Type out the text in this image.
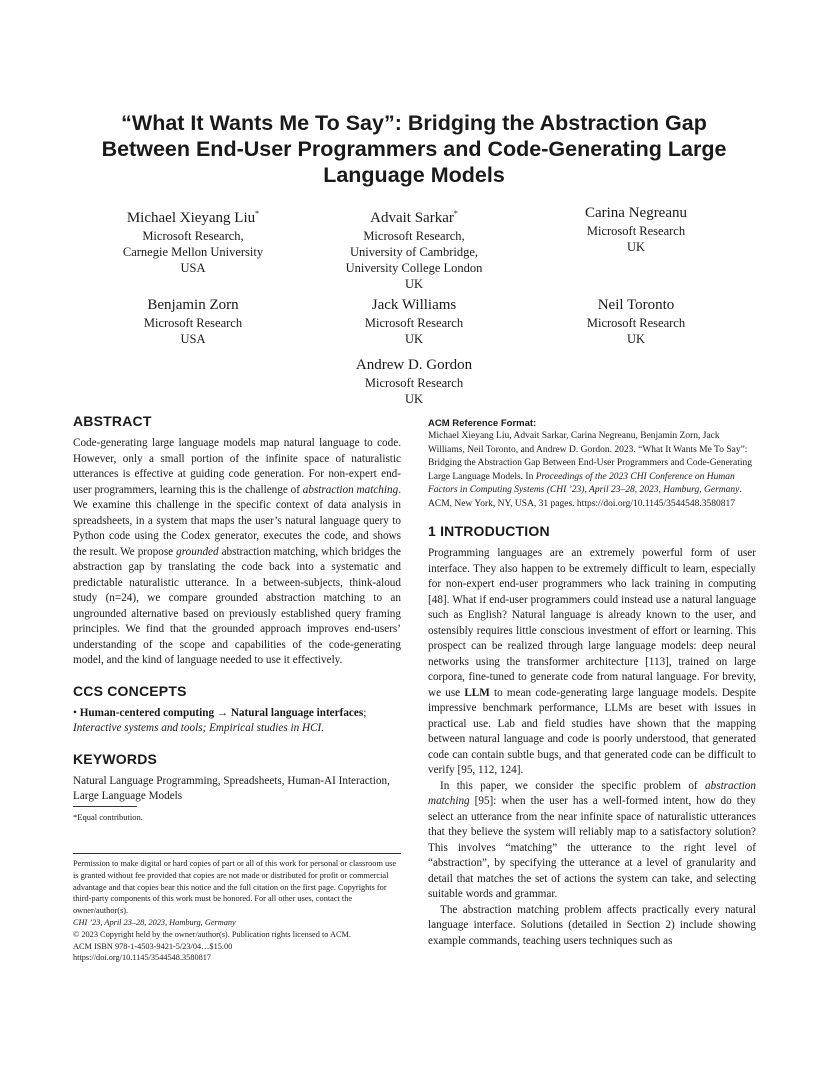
“What It Wants Me To Say”: Bridging the Abstraction Gap
Between End-User Programmers and Code-Generating Large
Language Models
Michael Xieyang Liu*
Microsoft Research,
Carnegie Mellon University
USA
Advait Sarkar*
Microsoft Research,
University of Cambridge,
University College London
UK
Carina Negreanu
Microsoft Research
UK
Benjamin Zorn
Microsoft Research
USA
Jack Williams
Microsoft Research
UK
Neil Toronto
Microsoft Research
UK
Andrew D. Gordon
Microsoft Research
UK
ABSTRACT

Code-generating large language models map natural language to code. However, only a small portion of the infinite space of naturalistic utterances is effective at guiding code generation. For non-expert end-user programmers, learning this is the challenge of abstraction matching. We examine this challenge in the specific context of data analysis in spreadsheets, in a system that maps the user’s natural language query to Python code using the Codex generator, executes the code, and shows the result. We propose grounded abstraction matching, which bridges the abstraction gap by translating the code back into a systematic and predictable naturalistic utterance. In a between-subjects, think-aloud study (n=24), we compare grounded abstraction matching to an ungrounded alternative based on previously established query framing principles. We find that the grounded approach improves end-users’ understanding of the scope and capabilities of the code-generating model, and the kind of language needed to use it effectively.

CCS CONCEPTS

• Human-centered computing → Natural language interfaces; Interactive systems and tools; Empirical studies in HCI.

KEYWORDS

Natural Language Programming, Spreadsheets, Human-AI Interaction, Large Language Models

*Equal contribution.

Permission to make digital or hard copies of part or all of this work for personal or classroom use is granted without fee provided that copies are not made or distributed for profit or commercial advantage and that copies bear this notice and the full citation on the first page. Copyrights for third-party components of this work must be honored. For all other uses, contact the owner/author(s).

CHI ’23, April 23–28, 2023, Hamburg, Germany

© 2023 Copyright held by the owner/author(s). Publication rights licensed to ACM.

ACM ISBN 978-1-4503-9421-5/23/04…$15.00

https://doi.org/10.1145/3544548.3580817

ACM Reference Format:

Michael Xieyang Liu, Advait Sarkar, Carina Negreanu, Benjamin Zorn, Jack Williams, Neil Toronto, and Andrew D. Gordon. 2023. “What It Wants Me To Say”: Bridging the Abstraction Gap Between End-User Programmers and Code-Generating Large Language Models. In Proceedings of the 2023 CHI Conference on Human Factors in Computing Systems (CHI ’23), April 23–28, 2023, Hamburg, Germany. ACM, New York, NY, USA, 31 pages. https://doi.org/10.1145/3544548.3580817

1 INTRODUCTION

Programming languages are an extremely powerful form of user interface. They also happen to be extremely difficult to learn, especially for non-expert end-user programmers who lack training in computing [48]. What if end-user programmers could instead use a natural language such as English? Natural language is already known to the user, and ostensibly requires little conscious investment of effort or learning. This prospect can be realized through large language models: deep neural networks using the transformer architecture [113], trained on large corpora, fine-tuned to generate code from natural language. For brevity, we use LLM to mean code-generating large language models. Despite impressive benchmark performance, LLMs are beset with issues in practical use. Lab and field studies have shown that the mapping between natural language and code is poorly understood, that generated code can contain subtle bugs, and that generated code can be difficult to verify [95, 112, 124].

In this paper, we consider the specific problem of abstraction matching [95]: when the user has a well-formed intent, how do they select an utterance from the near infinite space of naturalistic utterances that they believe the system will reliably map to a satisfactory solution? This involves “matching” the utterance to the right level of “abstraction”, by specifying the utterance at a level of granularity and detail that matches the set of actions the system can take, and selecting suitable words and grammar.

The abstraction matching problem affects practically every natural language interface. Solutions (detailed in Section 2) include showing example commands, teaching users techniques such as
